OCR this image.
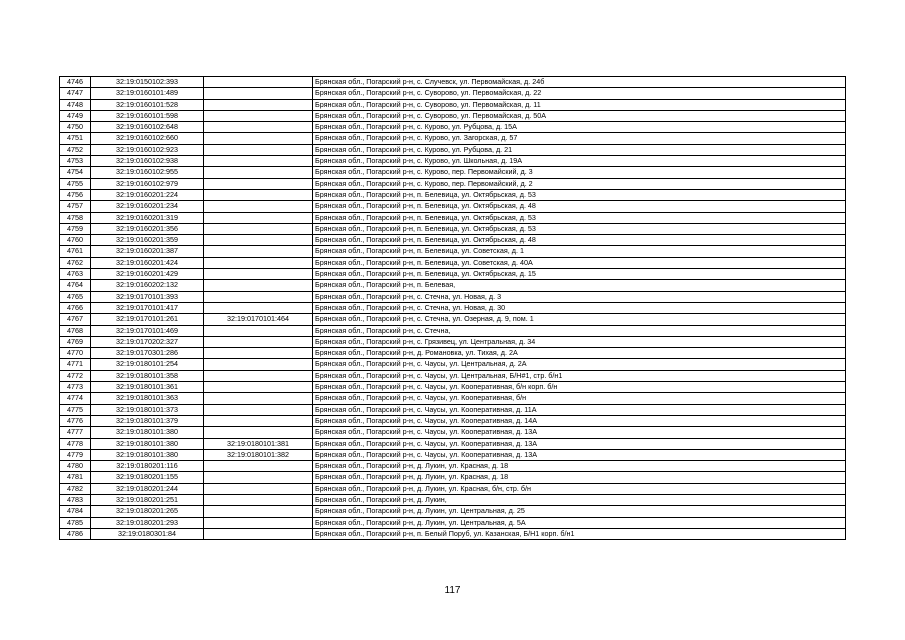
4746	32:19:0150102:393		Брянская обл., Погарский р-н, с. Случевск, ул. Первомайская, д. 24б
4747	32:19:0160101:489		Брянская обл., Погарский р-н, с. Суворово, ул. Первомайская, д. 22
4748	32:19:0160101:528		Брянская обл., Погарский р-н, с. Суворово, ул. Первомайская, д. 11
4749	32:19:0160101:598		Брянская обл., Погарский р-н, с. Суворово, ул. Первомайская, д. 50А
4750	32:19:0160102:648		Брянская обл., Погарский р-н, с. Курово, ул. Рубцова, д. 15А
4751	32:19:0160102:660		Брянская обл., Погарский р-н, с. Курово, ул. Загорская, д. 57
4752	32:19:0160102:923		Брянская обл., Погарский р-н, с. Курово, ул. Рубцова, д. 21
4753	32:19:0160102:938		Брянская обл., Погарский р-н, с. Курово, ул. Школьная, д. 19А
4754	32:19:0160102:955		Брянская обл., Погарский р-н, с. Курово, пер. Первомайский, д. 3
4755	32:19:0160102:979		Брянская обл., Погарский р-н, с. Курово, пер. Первомайский, д. 2
4756	32:19:0160201:224		Брянская обл., Погарский р-н, п. Белевица, ул. Октябрьская, д. 53
4757	32:19:0160201:234		Брянская обл., Погарский р-н, п. Белевица, ул. Октябрьская, д. 48
4758	32:19:0160201:319		Брянская обл., Погарский р-н, п. Белевица, ул. Октябрьская, д. 53
4759	32:19:0160201:356		Брянская обл., Погарский р-н, п. Белевица, ул. Октябрьская, д. 53
4760	32:19:0160201:359		Брянская обл., Погарский р-н, п. Белевица, ул. Октябрьская, д. 48
4761	32:19:0160201:387		Брянская обл., Погарский р-н, п. Белевица, ул. Советская, д. 1
4762	32:19:0160201:424		Брянская обл., Погарский р-н, п. Белевица, ул. Советская, д. 40А
4763	32:19:0160201:429		Брянская обл., Погарский р-н, п. Белевица, ул. Октябрьская, д. 15
4764	32:19:0160202:132		Брянская обл., Погарский р-н, п. Белевая,
4765	32:19:0170101:393		Брянская обл., Погарский р-н, с. Стечна, ул. Новая, д. 3
4766	32:19:0170101:417		Брянская обл., Погарский р-н, с. Стечна, ул. Новая, д. 30
4767	32:19:0170101:261	32:19:0170101:464	Брянская обл., Погарский р-н, с. Стечна, ул. Озерная, д. 9, пом. 1
4768	32:19:0170101:469		Брянская обл., Погарский р-н, с. Стечна,
4769	32:19:0170202:327		Брянская обл., Погарский р-н, с. Грязивец, ул. Центральная, д. 34
4770	32:19:0170301:286		Брянская обл., Погарский р-н, д. Романовка, ул. Тихая, д. 2А
4771	32:19:0180101:254		Брянская обл., Погарский р-н, с. Чаусы, ул. Центральная, д. 2А
4772	32:19:0180101:358		Брянская обл., Погарский р-н, с. Чаусы, ул. Центральная, Б/Н#1, стр. б/н1
4773	32:19:0180101:361		Брянская обл., Погарский р-н, с. Чаусы, ул. Кооперативная, б/н корп. б/н
4774	32:19:0180101:363		Брянская обл., Погарский р-н, с. Чаусы, ул. Кооперативная, б/н
4775	32:19:0180101:373		Брянская обл., Погарский р-н, с. Чаусы, ул. Кооперативная, д. 11А
4776	32:19:0180101:379		Брянская обл., Погарский р-н, с. Чаусы, ул. Кооперативная, д. 14А
4777	32:19:0180101:380		Брянская обл., Погарский р-н, с. Чаусы, ул. Кооперативная, д. 13А
4778	32:19:0180101:380	32:19:0180101:381	Брянская обл., Погарский р-н, с. Чаусы, ул. Кооперативная, д. 13А
4779	32:19:0180101:380	32:19:0180101:382	Брянская обл., Погарский р-н, с. Чаусы, ул. Кооперативная, д. 13А
4780	32:19:0180201:116		Брянская обл., Погарский р-н, д. Лукин, ул. Красная, д. 18
4781	32:19:0180201:155		Брянская обл., Погарский р-н, д. Лукин, ул. Красная, д. 18
4782	32:19:0180201:244		Брянская обл., Погарский р-н, д. Лукин, ул. Красная, б/н, стр. б/н
4783	32:19:0180201:251		Брянская обл., Погарский р-н, д. Лукин,
4784	32:19:0180201:265		Брянская обл., Погарский р-н, д. Лукин, ул. Центральная, д. 25
4785	32:19:0180201:293		Брянская обл., Погарский р-н, д. Лукин, ул. Центральная, д. 5А
4786	32:19:0180301:84		Брянская обл., Погарский р-н, п. Белый Поруб, ул. Казанская, Б/Н1 корп. б/н1
117
